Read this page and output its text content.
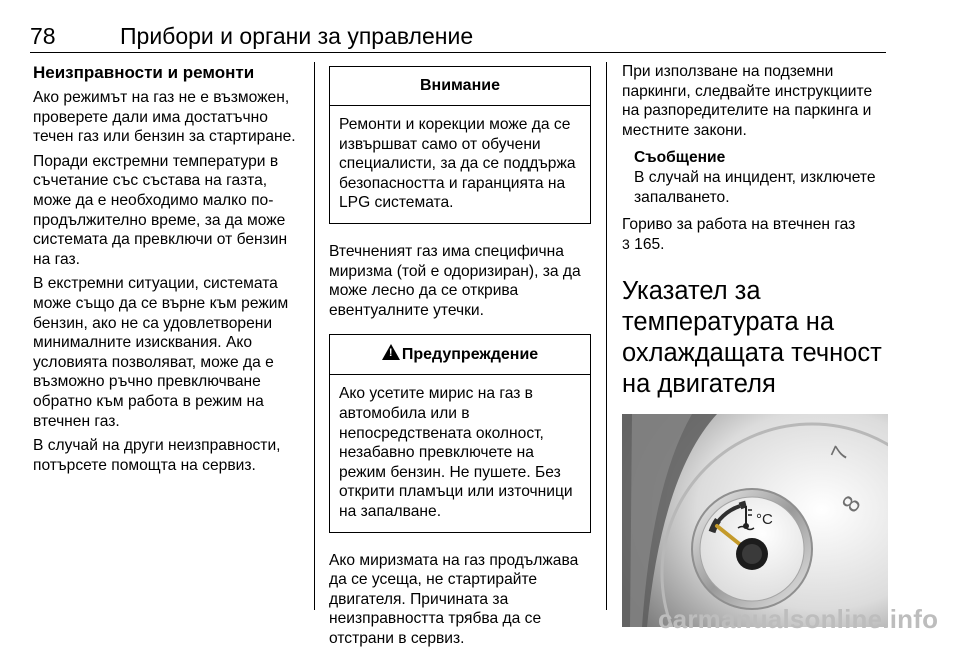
78	Прибори и органи за управление
Неизправности и ремонти

Ако режимът на газ не е възможен, проверете дали има достатъчно течен газ или бензин за стартиране.

Поради екстремни температури в съчетание със състава на газта, може да е необходимо малко по-продължително време, за да може системата да превключи от бензин на газ.

В екстремни ситуации, системата може също да се върне към режим бензин, ако не са удовлетворени минималните изисквания. Ако условията позволяват, може да е възможно ръчно превключване обратно към работа в режим на втечнен газ.

В случай на други неизправности, потърсете помощта на сервиз.

Внимание
Ремонти и корекции може да се извършват само от обучени специалисти, за да се поддържа безопасността и гаранцията на LPG системата.

Втечненият газ има специфична миризма (той е одоризиран), за да може лесно да се открива евентуалните утечки.

! Предупреждение
Ако усетите мирис на газ в автомобила или в непосредствената околност, незабавно превключете на режим бензин. Не пушете. Без открити пламъци или източници на запалване.

Ако миризмата на газ продължава да се усеща, не стартирайте двигателя. Причината за неизправността трябва да се отстрани в сервиз.

При използване на подземни паркинги, следвайте инструкциите на разпоредителите на паркинга и местните закони.

Съобщение
В случай на инцидент, изключете запалването.

Гориво за работа на втечнен газ
3 165.

Указател за температурата на охлаждащата течност на двигателя
7
8
°C
carmanualsonline.info
